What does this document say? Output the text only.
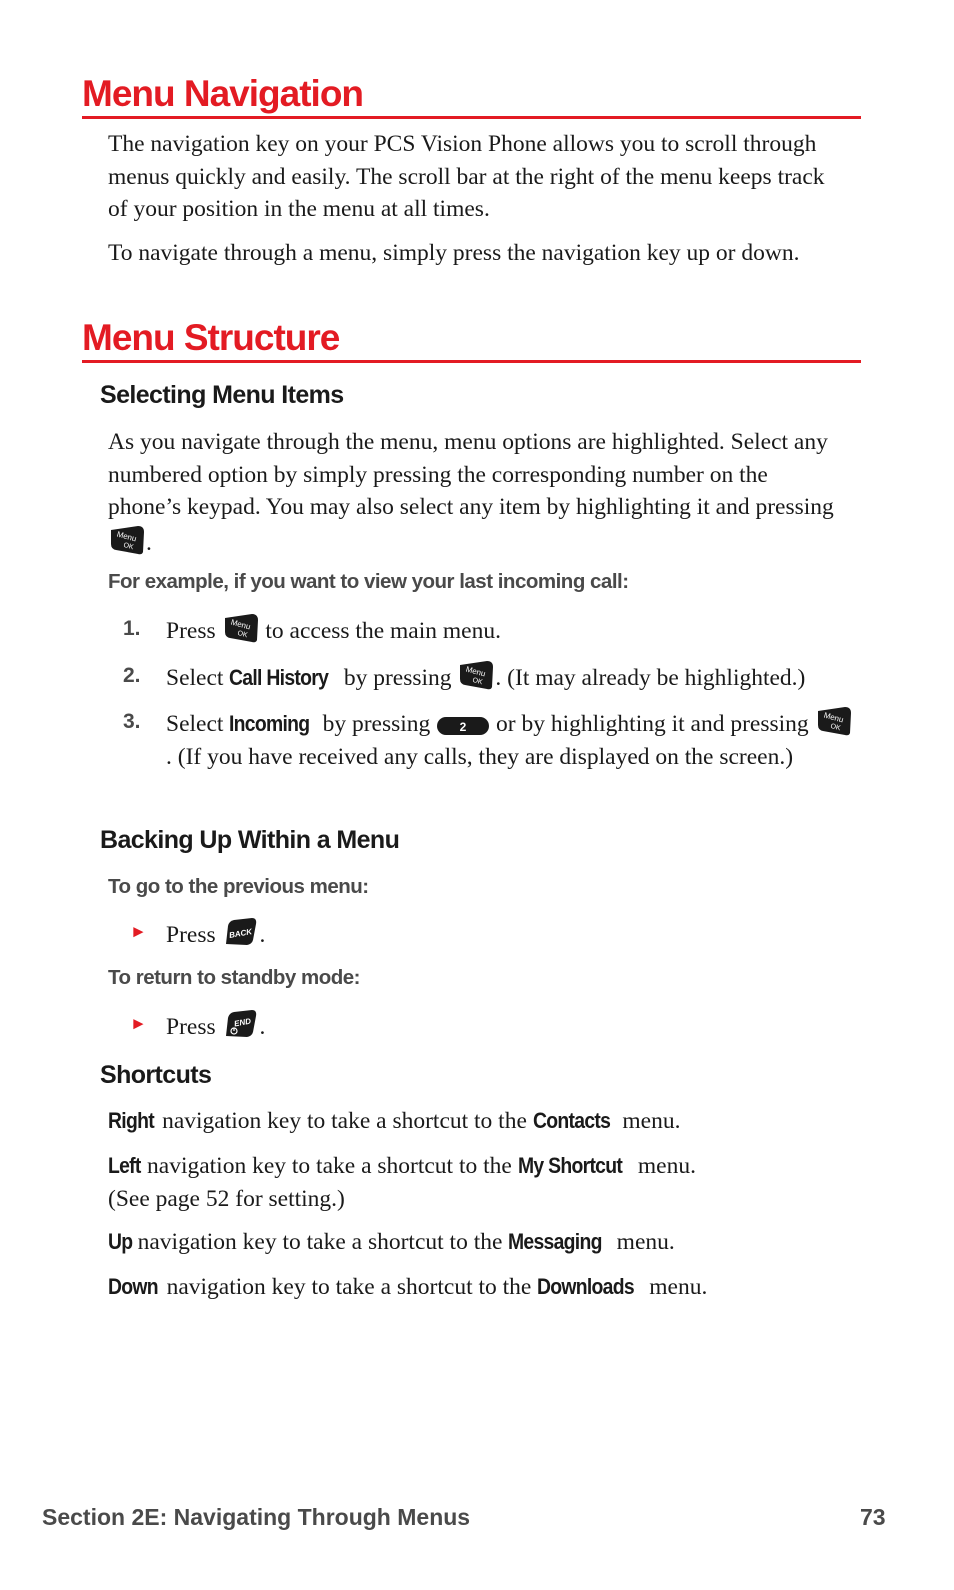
Menu Navigation

The navigation key on your PCS Vision Phone allows you to scroll through menus quickly and easily. The scroll bar at the right of the menu keeps track of your position in the menu at all times.

To navigate through a menu, simply press the navigation key up or down.

Menu Structure
Selecting Menu Items

As you navigate through the menu, menu options are highlighted. Select any numbered option by simply pressing the corresponding number on the phone’s keypad. You may also select any item by highlighting it and pressing
Menu
OK .

For example, if you want to view your last incoming call:
1. Press Menu
OK to access the main menu.
2. Select Call History by pressing Menu
OK . (It may already be highlighted.)
3. Select Incoming by pressing 2 or by highlighting it and pressing Menu
OK
. (If you have received any calls, they are displayed on the screen.)
Backing Up Within a Menu
To go to the previous menu:
► Press BACK .
To return to standby mode:
► Press END .
Shortcuts

Right navigation key to take a shortcut to the Contacts menu.

Left navigation key to take a shortcut to the My Shortcut menu.
(See page 52 for setting.)

Up navigation key to take a shortcut to the Messaging menu.

Down navigation key to take a shortcut to the Downloads menu.

Section 2E: Navigating Through Menus	73
